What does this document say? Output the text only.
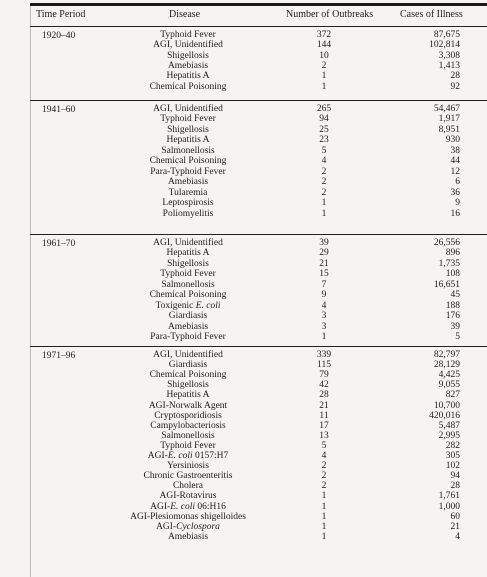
Time Period	Disease	Number of Outbreaks	Cases of Illness
1920–40	Typhoid Fever	372	87,675
AGI, Unidentified	144	102,814
Shigellosis	10	3,308
Amebiasis	2	1,413
Hepatitis A	1	28
Chemical Poisoning	1	92
1941–60	AGI, Unidentified	265	54,467
Typhoid Fever	94	1,917
Shigellosis	25	8,951
Hepatitis A	23	930
Salmonellosis	5	38
Chemical Poisoning	4	44
Para-Typhoid Fever	2	12
Amebiasis	2	6
Tularemia	2	36
Leptospirosis	1	9
Poliomyelitis	1	16
1961–70	AGI, Unidentified	39	26,556
Hepatitis A	29	896
Shigellosis	21	1,735
Typhoid Fever	15	108
Salmonellosis	7	16,651
Chemical Poisoning	9	45
Toxigenic E. coli	4	188
Giardiasis	3	176
Amebiasis	3	39
Para-Typhoid Fever	1	5
1971–96	AGI, Unidentified	339	82,797
Giardiasis	115	28,129
Chemical Poisoning	79	4,425
Shigellosis	42	9,055
Hepatitis A	28	827
AGI-Norwalk Agent	21	10,700
Cryptosporidiosis	11	420,016
Campylobacteriosis	17	5,487
Salmonellosis	13	2,995
Typhoid Fever	5	282
AGI-E. coli 0157:H7	4	305
Yersiniosis	2	102
Chronic Gastroenteritis	2	94
Cholera	2	28
AGI-Rotavirus	1	1,761
AGI-E. coli 06:H16	1	1,000
AGI-Plesiomonas shigelloides	1	60
AGI-Cyclospora	1	21
Amebiasis	1	4
